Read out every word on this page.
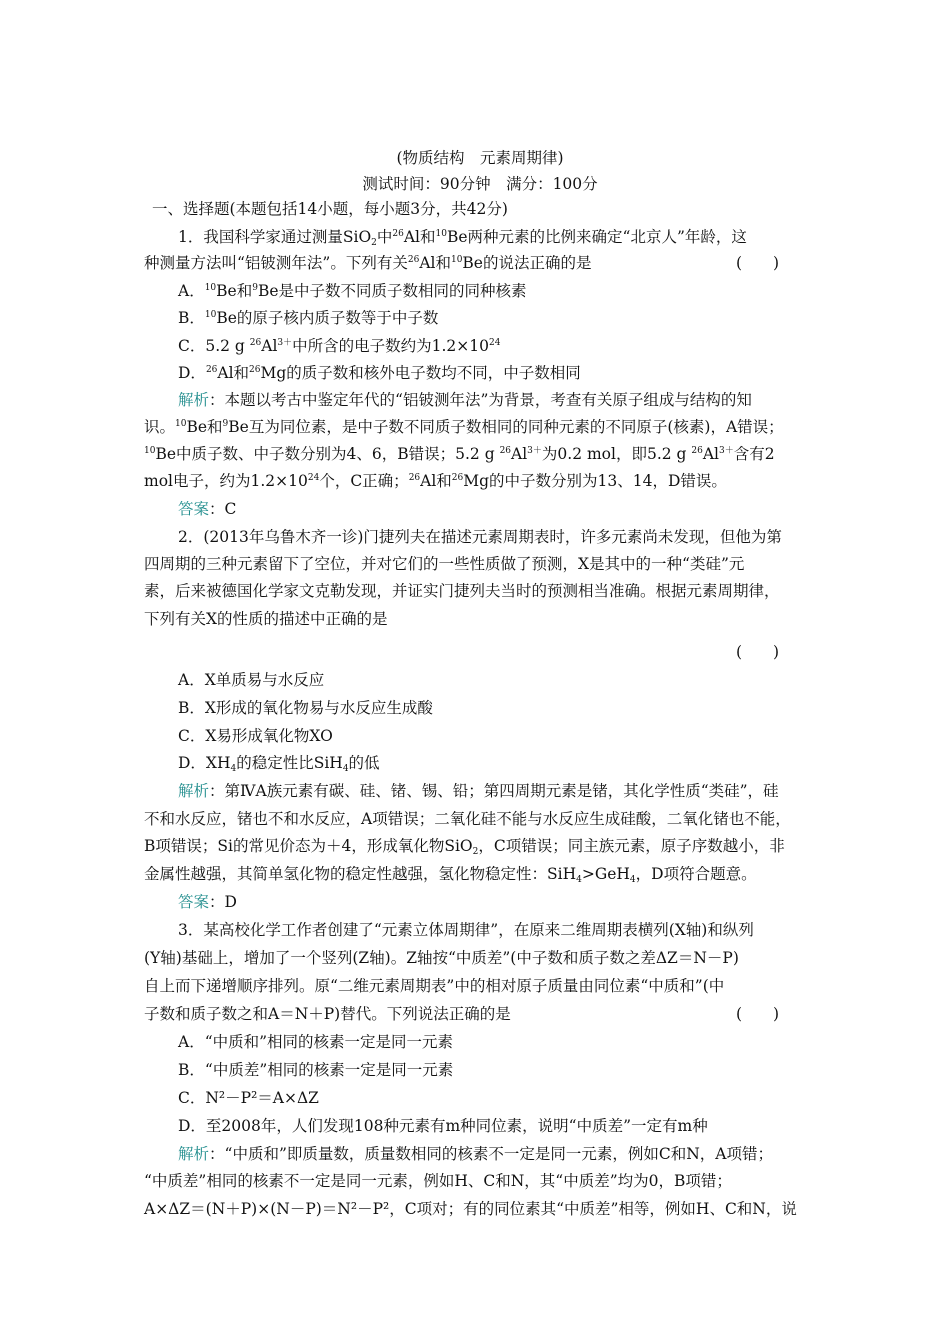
(物质结构　元素周期律)
测试时间：90分钟　满分：100分
一、选择题(本题包括14小题，每小题3分，共42分)
1．我国科学家通过测量SiO$_2$中$^{26}$Al和$^{10}$Be两种元素的比例来确定“北京人”年龄，这
种测量方法叫“铝铍测年法”。下列有关$^{26}$Al和$^{10}$Be的说法正确的是	(　　)
A．$^{10}$Be和$^9$Be是中子数不同质子数相同的同种核素
B．$^{10}$Be的原子核内质子数等于中子数
C．5.2 g $^{26}Al^{3+}$中所含的电子数约为$1.2\times 10^{24}$
D．$^{26}$Al和$^{26}$Mg的质子数和核外电子数均不同，中子数相同
解析：本题以考古中鉴定年代的“铝铍测年法”为背景，考查有关原子组成与结构的知
识。$^{10}$Be和$^9$Be互为同位素，是中子数不同质子数相同的同种元素的不同原子(核素)，A错误；
$^{10}$Be中质子数、中子数分别为4、6，B错误；5.2 g $^{26}Al^{3+}$为0.2 mol，即5.2 g $^{26}Al^{3+}$含有2
mol电子，约为$1.2\times 10^{24}$个，C正确；$^{26}$Al和$^{26}$Mg的中子数分别为13、14，D错误。
答案：C
2．(2013年乌鲁木齐一诊)门捷列夫在描述元素周期表时，许多元素尚未发现，但他为第
四周期的三种元素留下了空位，并对它们的一些性质做了预测，X是其中的一种“类硅”元
素，后来被德国化学家文克勒发现，并证实门捷列夫当时的预测相当准确。根据元素周期律，
下列有关X的性质的描述中正确的是
(　　)
A．X单质易与水反应
B．X形成的氧化物易与水反应生成酸
C．X易形成氧化物XO
D．$XH_4$的稳定性比SiH$_4$的低
解析：第ⅣA族元素有碳、硅、锗、锡、铅；第四周期元素是锗，其化学性质“类硅”，硅
不和水反应，锗也不和水反应，A项错误；二氧化硅不能与水反应生成硅酸，二氧化锗也不能，
B项错误；Si的常见价态为＋4，形成氧化物SiO$_2$，C项错误；同主族元素，原子序数越小，非
金属性越强，其简单氢化物的稳定性越强，氢化物稳定性：SiH$_4$>GeH$_4$，D项符合题意。
答案：D
3．某高校化学工作者创建了“元素立体周期律”，在原来二维周期表横列(X轴)和纵列
(Y轴)基础上，增加了一个竖列(Z轴)。Z轴按“中质差”(中子数和质子数之差ΔZ＝N－P)
自上而下递增顺序排列。原“二维元素周期表”中的相对原子质量由同位素“中质和”(中
子数和质子数之和A＝N＋P)替代。下列说法正确的是	(　　)
A．“中质和”相同的核素一定是同一元素
B．“中质差”相同的核素一定是同一元素
C．N²－P²＝A×ΔZ
D．至2008年，人们发现108种元素有m种同位素，说明“中质差”一定有m种
解析：“中质和”即质量数，质量数相同的核素不一定是同一元素，例如C和N，A项错；
“中质差”相同的核素不一定是同一元素，例如H、C和N，其“中质差”均为0，B项错；
A×ΔZ＝(N＋P)×(N－P)＝N²－P²，C项对；有的同位素其“中质差”相等，例如H、C和N，说
